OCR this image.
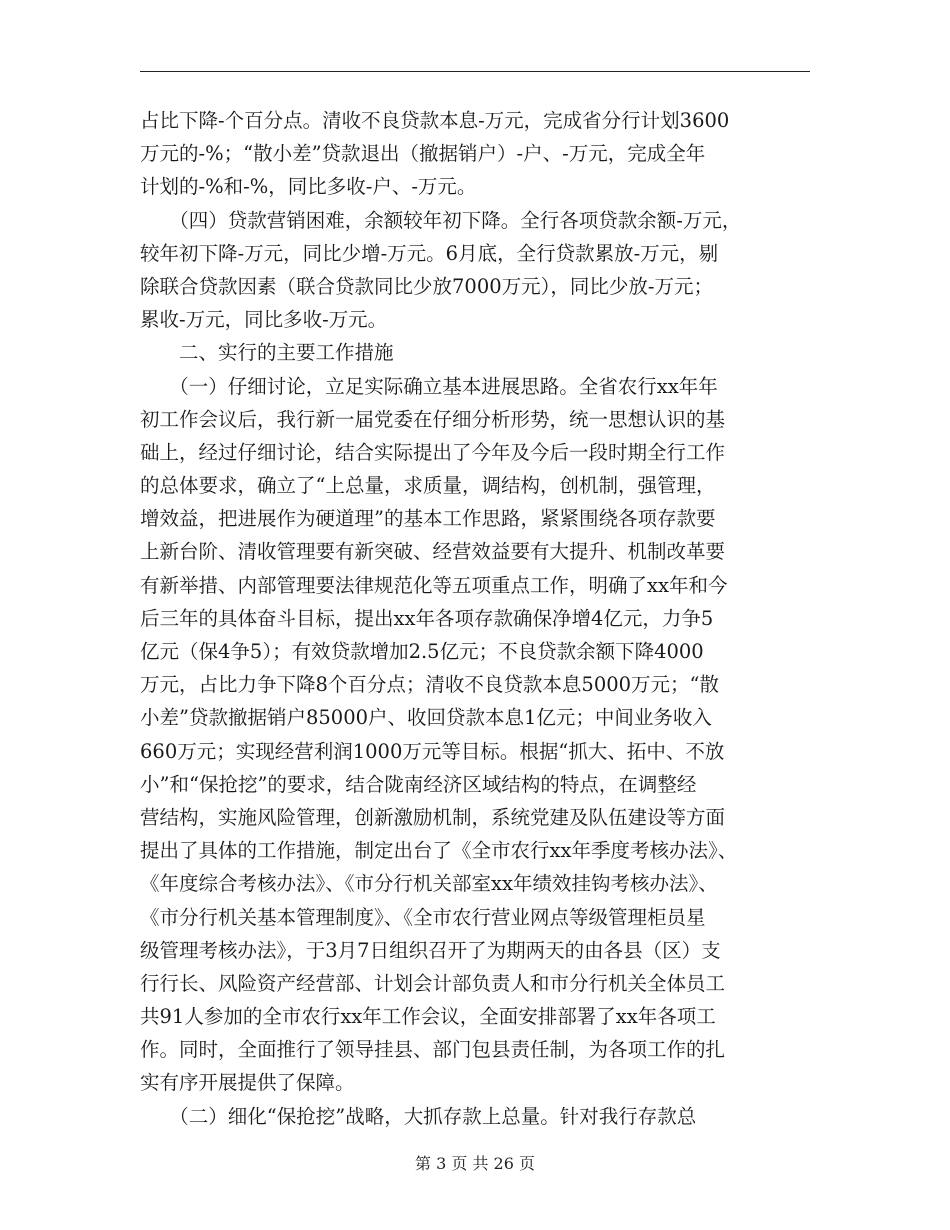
占比下降-个百分点。清收不良贷款本息-万元，完成省分行计划3600
万元的-%；“散小差”贷款退出（撤据销户）-户、-万元，完成全年
计划的-%和-%，同比多收-户、-万元。
　　（四）贷款营销困难，余额较年初下降。全行各项贷款余额-万元，
较年初下降-万元，同比少增-万元。6月底，全行贷款累放-万元，剔
除联合贷款因素（联合贷款同比少放7000万元），同比少放-万元；
累收-万元，同比多收-万元。
　　二、实行的主要工作措施
　　（一）仔细讨论，立足实际确立基本进展思路。全省农行xx年年
初工作会议后，我行新一届党委在仔细分析形势，统一思想认识的基
础上，经过仔细讨论，结合实际提出了今年及今后一段时期全行工作
的总体要求，确立了“上总量，求质量，调结构，创机制，强管理，
增效益，把进展作为硬道理”的基本工作思路，紧紧围绕各项存款要
上新台阶、清收管理要有新突破、经营效益要有大提升、机制改革要
有新举措、内部管理要法律规范化等五项重点工作，明确了xx年和今
后三年的具体奋斗目标，提出xx年各项存款确保净增4亿元，力争5
亿元（保4争5）；有效贷款增加2.5亿元；不良贷款余额下降4000
万元，占比力争下降8个百分点；清收不良贷款本息5000万元；“散
小差”贷款撤据销户85000户、收回贷款本息1亿元；中间业务收入
660万元；实现经营利润1000万元等目标。根据“抓大、拓中、不放
小”和“保抢挖”的要求，结合陇南经济区域结构的特点，在调整经
营结构，实施风险管理，创新激励机制，系统党建及队伍建设等方面
提出了具体的工作措施，制定出台了《全市农行xx年季度考核办法》、
《年度综合考核办法》、《市分行机关部室xx年绩效挂钩考核办法》、
《市分行机关基本管理制度》、《全市农行营业网点等级管理柜员星
级管理考核办法》，于3月7日组织召开了为期两天的由各县（区）支
行行长、风险资产经营部、计划会计部负责人和市分行机关全体员工
共91人参加的全市农行xx年工作会议，全面安排部署了xx年各项工
作。同时，全面推行了领导挂县、部门包县责任制，为各项工作的扎
实有序开展提供了保障。
　　（二）细化“保抢挖”战略，大抓存款上总量。针对我行存款总
第 3 页 共 26 页
